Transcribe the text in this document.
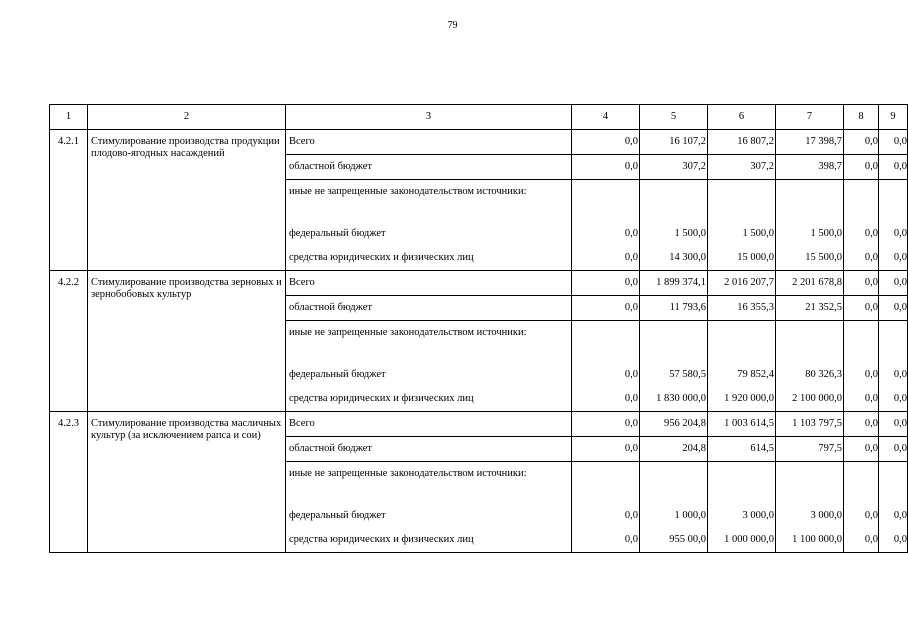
79
1	2	3	4	5	6	7	8	9
4.2.1	Стимулирование производства продукции плодово-ягодных насаждений	Всего	0,0	16 107,2	16 807,2	17 398,7	0,0	0,0
		областной бюджет	0,0	307,2	307,2	398,7	0,0	0,0
		иные не запрещенные законодательством источники:						
		федеральный бюджет	0,0	1 500,0	1 500,0	1 500,0	0,0	0,0
		средства юридических и физических лиц	0,0	14 300,0	15 000,0	15 500,0	0,0	0,0
4.2.2	Стимулирование производства зерновых и зернобобовых культур	Всего	0,0	1 899 374,1	2 016 207,7	2 201 678,8	0,0	0,0
		областной бюджет	0,0	11 793,6	16 355,3	21 352,5	0,0	0,0
		иные не запрещенные законодательством источники:						
		федеральный бюджет	0,0	57 580,5	79 852,4	80 326,3	0,0	0,0
		средства юридических и физических лиц	0,0	1 830 000,0	1 920 000,0	2 100 000,0	0,0	0,0
4.2.3	Стимулирование производства масличных культур (за исключением рапса и сои)	Всего	0,0	956 204,8	1 003 614,5	1 103 797,5	0,0	0,0
		областной бюджет	0,0	204,8	614,5	797,5	0,0	0,0
		иные не запрещенные законодательством источники:						
		федеральный бюджет	0,0	1 000,0	3 000,0	3 000,0	0,0	0,0
		средства юридических и физических лиц	0,0	955 00,0	1 000 000,0	1 100 000,0	0,0	0,0
